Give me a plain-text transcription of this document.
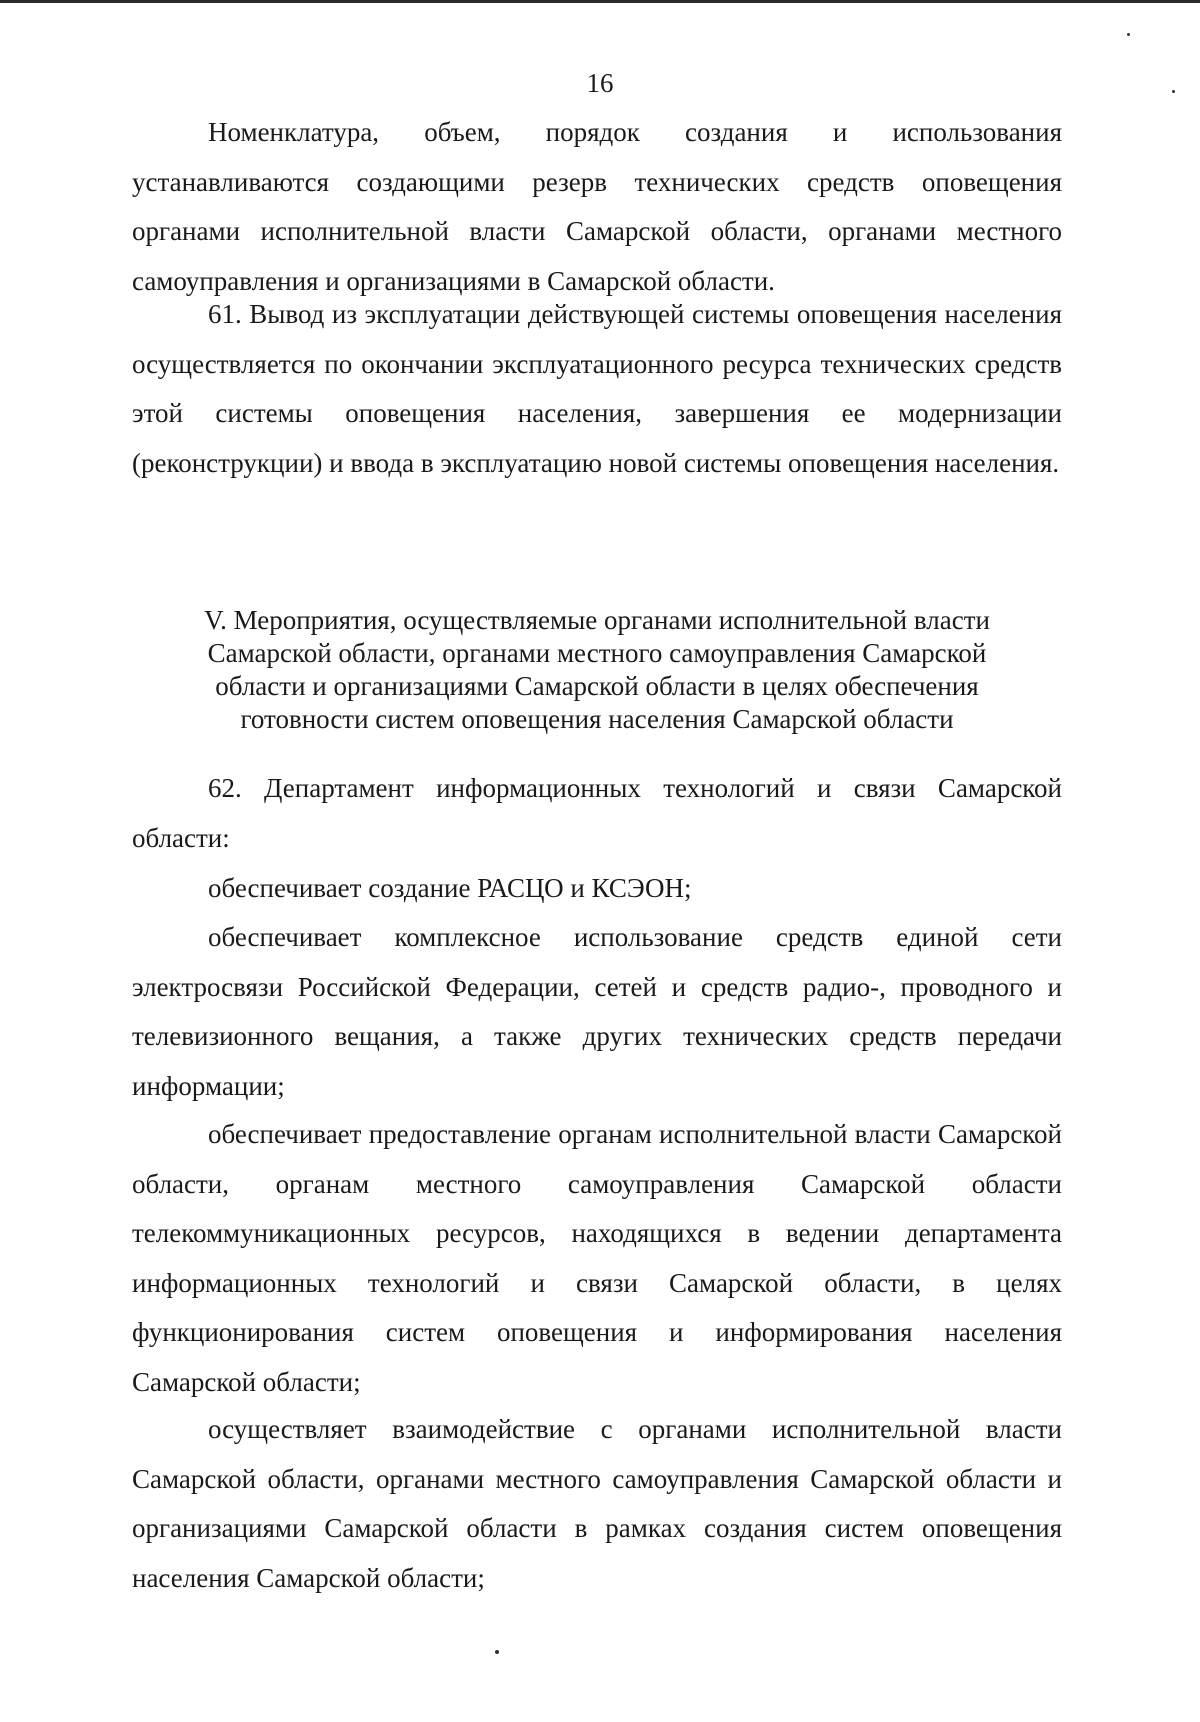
16
Номенклатура, объем, порядок создания и использования устанавливаются создающими резерв технических средств оповещения органами исполнительной власти Самарской области, органами местного самоуправления и организациями в Самарской области.
61. Вывод из эксплуатации действующей системы оповещения населения осуществляется по окончании эксплуатационного ресурса технических средств этой системы оповещения населения, завершения ее модернизации (реконструкции) и ввода в эксплуатацию новой системы оповещения населения.
V. Мероприятия, осуществляемые органами исполнительной власти
Самарской области, органами местного самоуправления Самарской
области и организациями Самарской области в целях обеспечения
готовности систем оповещения населения Самарской области
62. Департамент информационных технологий и связи Самарской области:
обеспечивает создание РАСЦО и КСЭОН;
обеспечивает комплексное использование средств единой сети электросвязи Российской Федерации, сетей и средств радио-, проводного и телевизионного вещания, а также других технических средств передачи информации;
обеспечивает предоставление органам исполнительной власти Самарской области, органам местного самоуправления Самарской области телекоммуникационных ресурсов, находящихся в ведении департамента информационных технологий и связи Самарской области, в целях функционирования систем оповещения и информирования населения Самарской области;
осуществляет взаимодействие с органами исполнительной власти Самарской области, органами местного самоуправления Самарской области и организациями Самарской области в рамках создания систем оповещения населения Самарской области;
